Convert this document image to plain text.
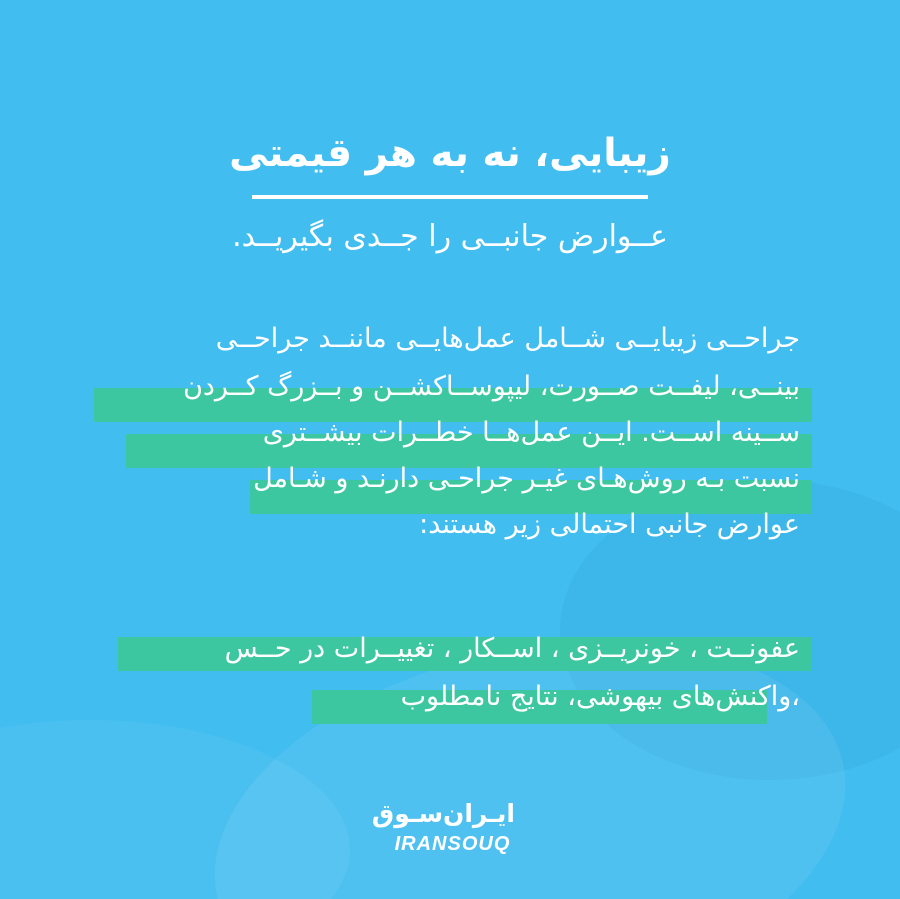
زیبایی، نه به هر قیمتی

عــوارض جانبــی را جــدی بگیریــد.

جراحــی زیبایــی شــامل عمل‌هایــی ماننــد جراحــی
بینــی، لیفــت صــورت، لیپوســاکشــن و بــزرگ کــردن
ســینه اســت. ایــن عمل‌هــا خطــرات بیشــتری
نسبت بـه روش‌هـای غیـر جراحـی دارنـد و شـامل
عوارض جانبی احتمالی زیر هستند:
عفونــت ، خونریــزی ، اســکار ، تغییــرات در حــس
،واکنش‌های بیهوشی، نتایج نامطلوب
ایـران‌سـوق
IRANSOUQ
